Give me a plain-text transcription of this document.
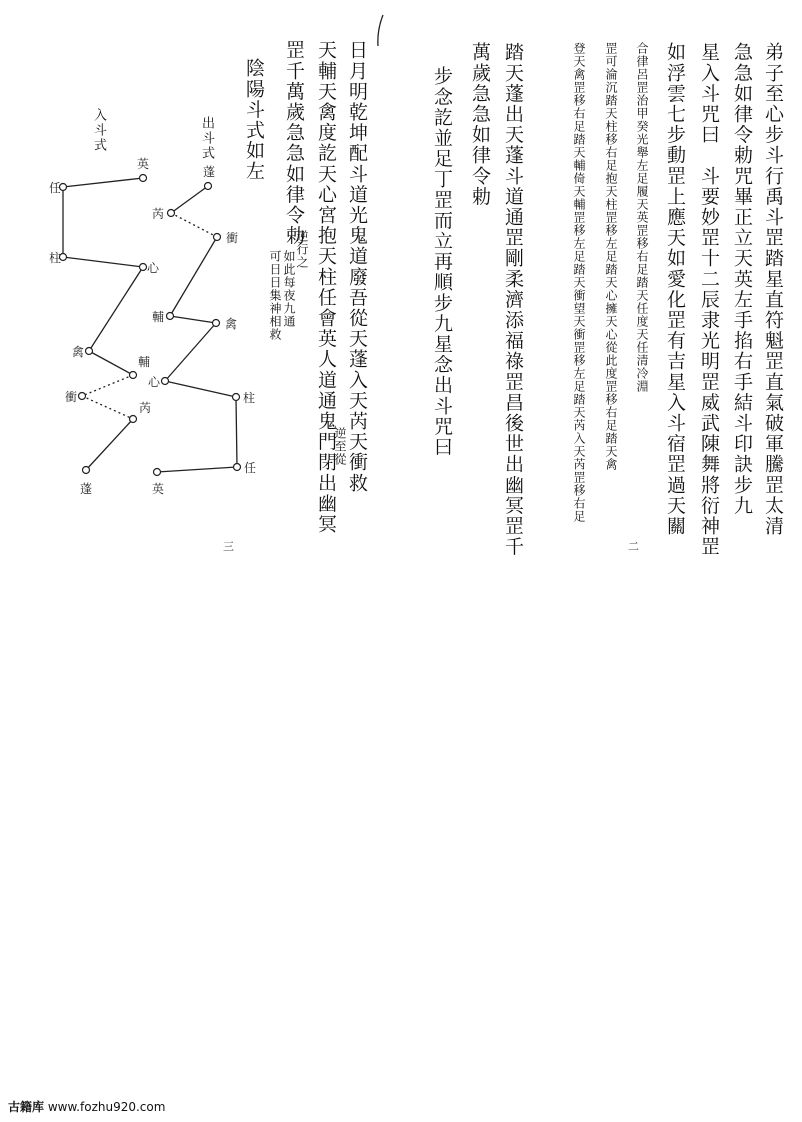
弟子至心步斗行禹斗罡踏星直符魁罡直氣破軍騰罡太清
急急如律令勅咒畢正立天英左手掐右手結斗印訣步九
星入斗咒曰　斗要妙罡十二辰隶光明罡威武陳舞將衍神罡
如浮雲七步動罡上應天如愛化罡有吉星入斗宿罡過天關
合律呂罡治甲癸光舉左足履天英罡移右足踏天任度天任清冷淵
罡可淪沉踏天柱移右足抱天柱罡移左足踏天心擁天心從此度罡移右足踏天禽
登天禽罡移右足踏天輔倚天輔罡移左足踏天衝望天衝罡移左足踏天芮入天芮罡移右足
踏天蓬出天蓬斗道通罡剛柔濟添福祿罡昌後世出幽冥罡千
萬歲急急如律令勅
步念訖並足丁罡而立再順步九星念出斗咒曰
二
日月明乾坤配斗道光鬼道廢吾從天蓬入天芮天衝救
逆至從
天輔天禽度訖天心宮抱天柱任會英人道通鬼門閉出幽冥
罡千萬歲急急如律令勅
逆行之
如此每夜九通
可日日集神相救
陰陽斗式如左
三
出斗式
入斗式
英
任
柱
心
禽
輔
衝
芮
蓬
蓬
芮
衝
輔	禽
心
柱
任
英
古籍库 www.fozhu920.com
